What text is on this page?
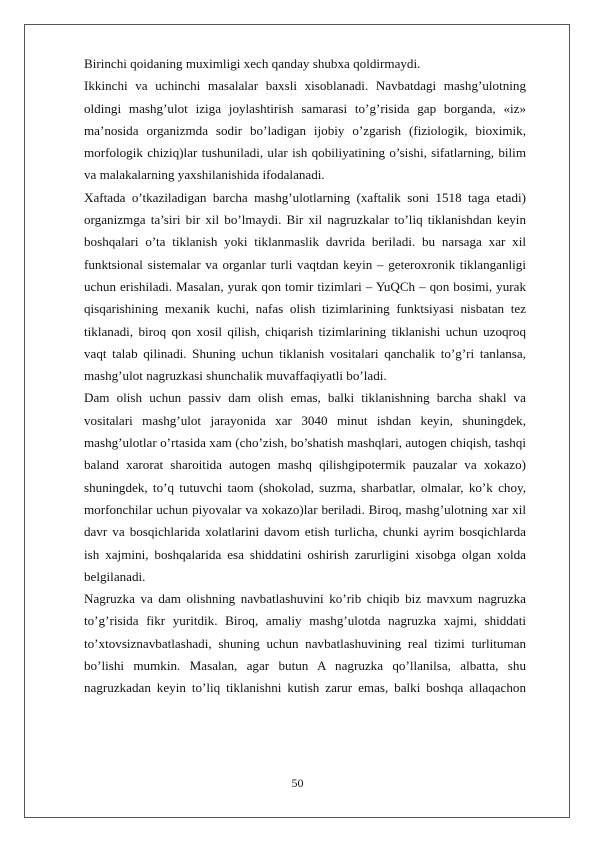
Birinchi qoidaning muximligi xech qanday shubxa qoldirmaydi.

Ikkinchi va uchinchi masalalar baxsli xisoblanadi. Navbatdagi mashg’ulotning oldingi mashg’ulot iziga joylashtirish samarasi to’g’risida gap borganda, «iz» ma’nosida organizmda sodir bo’ladigan ijobiy o’zgarish (fiziologik, bioximik, morfologik chiziq)lar tushuniladi, ular ish qobiliyatining o’sishi, sifatlarning, bilim va malakalarning yaxshilanishida ifodalanadi.

Xaftada o’tkaziladigan barcha mashg’ulotlarning (xaftalik soni 1518 taga etadi) organizmga ta’siri bir xil bo’lmaydi. Bir xil nagruzkalar to’liq tiklanishdan keyin boshqalari o’ta tiklanish yoki tiklanmaslik davrida beriladi. bu narsaga xar xil funktsional sistemalar va organlar turli vaqtdan keyin – geteroxronik tiklanganligi uchun erishiladi. Masalan, yurak qon tomir tizimlari – YuQCh – qon bosimi, yurak qisqarishining mexanik kuchi, nafas olish tizimlarining funktsiyasi nisbatan tez tiklanadi, biroq qon xosil qilish, chiqarish tizimlarining tiklanishi uchun uzoqroq vaqt talab qilinadi. Shuning uchun tiklanish vositalari qanchalik to’g’ri tanlansa, mashg’ulot nagruzkasi shunchalik muvaffaqiyatli bo’ladi.

Dam olish uchun passiv dam olish emas, balki tiklanishning barcha shakl va vositalari mashg’ulot jarayonida xar 3040 minut ishdan keyin, shuningdek, mashg’ulotlar o’rtasida xam (cho’zish, bo’shatish mashqlari, autogen chiqish, tashqi baland xarorat sharoitida autogen mashq qilishgipotermik pauzalar va xokazo) shuningdek, to’q tutuvchi taom (shokolad, suzma, sharbatlar, olmalar, ko’k choy, morfonchilar uchun piyovalar va xokazo)lar beriladi. Biroq, mashg’ulotning xar xil davr va bosqichlarida xolatlarini davom etish turlicha, chunki ayrim bosqichlarda ish xajmini, boshqalarida esa shiddatini oshirish zarurligini xisobga olgan xolda belgilanadi.

Nagruzka va dam olishning navbatlashuvini ko’rib chiqib biz mavxum nagruzka to’g’risida fikr yuritdik. Biroq, amaliy mashg’ulotda nagruzka xajmi, shiddati to’xtovsiznavbatlashadi, shuning uchun navbatlashuvining real tizimi turlituman bo’lishi mumkin. Masalan, agar butun A nagruzka qo’llanilsa, albatta, shu nagruzkadan keyin to’liq tiklanishni kutish zarur emas, balki boshqa allaqachon

50
